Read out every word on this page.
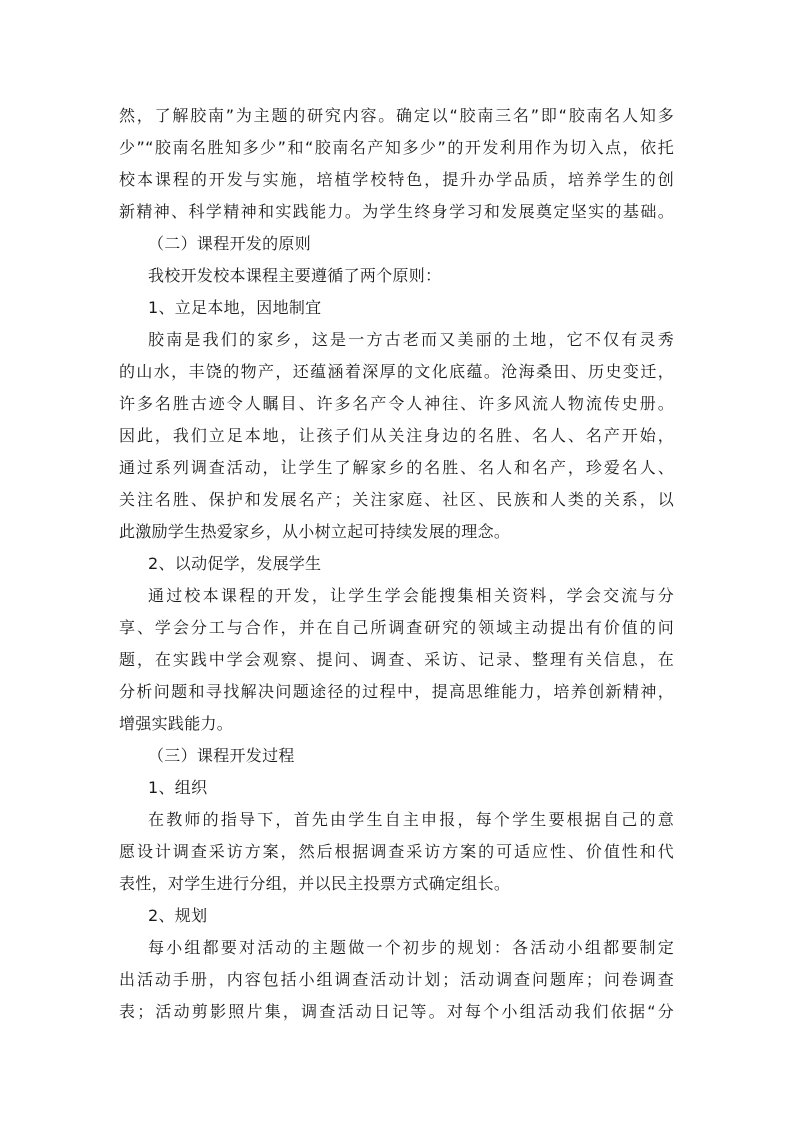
然，了解胶南”为主题的研究内容。确定以“胶南三名”即“胶南名人知多
少”“胶南名胜知多少”和“胶南名产知多少”的开发利用作为切入点，依托
校本课程的开发与实施，培植学校特色，提升办学品质，培养学生的创
新精神、科学精神和实践能力。为学生终身学习和发展奠定坚实的基础。
（二）课程开发的原则
我校开发校本课程主要遵循了两个原则：
1、立足本地，因地制宜
胶南是我们的家乡，这是一方古老而又美丽的土地，它不仅有灵秀
的山水，丰饶的物产，还蕴涵着深厚的文化底蕴。沧海桑田、历史变迁，
许多名胜古迹令人瞩目、许多名产令人神往、许多风流人物流传史册。
因此，我们立足本地，让孩子们从关注身边的名胜、名人、名产开始，
通过系列调查活动，让学生了解家乡的名胜、名人和名产，珍爱名人、
关注名胜、保护和发展名产；关注家庭、社区、民族和人类的关系，以
此激励学生热爱家乡，从小树立起可持续发展的理念。
2、以动促学，发展学生
通过校本课程的开发，让学生学会能搜集相关资料，学会交流与分
享、学会分工与合作，并在自己所调查研究的领域主动提出有价值的问
题，在实践中学会观察、提问、调查、采访、记录、整理有关信息，在
分析问题和寻找解决问题途径的过程中，提高思维能力，培养创新精神，
增强实践能力。
（三）课程开发过程
1、组织
在教师的指导下，首先由学生自主申报，每个学生要根据自己的意
愿设计调查采访方案，然后根据调查采访方案的可适应性、价值性和代
表性，对学生进行分组，并以民主投票方式确定组长。
2、规划
每小组都要对活动的主题做一个初步的规划：各活动小组都要制定
出活动手册，内容包括小组调查活动计划；活动调查问题库；问卷调查
表；活动剪影照片集，调查活动日记等。对每个小组活动我们依据“分
